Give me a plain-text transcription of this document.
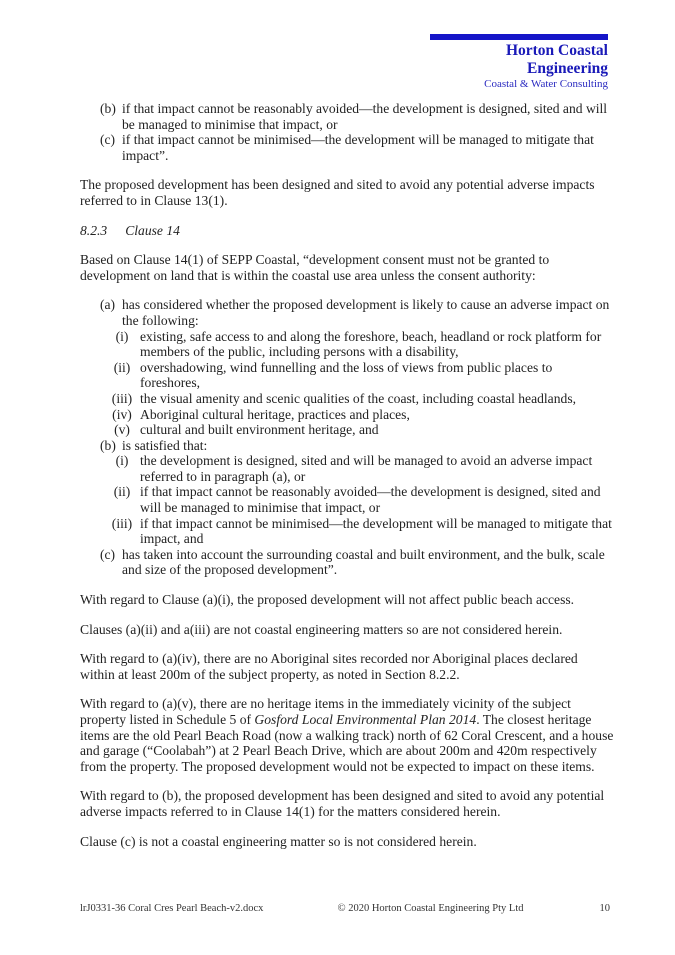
Horton Coastal Engineering
Coastal & Water Consulting
(b) if that impact cannot be reasonably avoided—the development is designed, sited and will be managed to minimise that impact, or
(c) if that impact cannot be minimised—the development will be managed to mitigate that impact”.

The proposed development has been designed and sited to avoid any potential adverse impacts referred to in Clause 13(1).

8.2.3 Clause 14

Based on Clause 14(1) of SEPP Coastal, “development consent must not be granted to development on land that is within the coastal use area unless the consent authority:

(a) has considered whether the proposed development is likely to cause an adverse impact on the following:
(i) existing, safe access to and along the foreshore, beach, headland or rock platform for members of the public, including persons with a disability,
(ii) overshadowing, wind funnelling and the loss of views from public places to foreshores,
(iii) the visual amenity and scenic qualities of the coast, including coastal headlands,
(iv) Aboriginal cultural heritage, practices and places,
(v) cultural and built environment heritage, and
(b) is satisfied that:
(i) the development is designed, sited and will be managed to avoid an adverse impact referred to in paragraph (a), or
(ii) if that impact cannot be reasonably avoided—the development is designed, sited and will be managed to minimise that impact, or
(iii) if that impact cannot be minimised—the development will be managed to mitigate that impact, and
(c) has taken into account the surrounding coastal and built environment, and the bulk, scale and size of the proposed development”.

With regard to Clause (a)(i), the proposed development will not affect public beach access.

Clauses (a)(ii) and a(iii) are not coastal engineering matters so are not considered herein.

With regard to (a)(iv), there are no Aboriginal sites recorded nor Aboriginal places declared within at least 200m of the subject property, as noted in Section 8.2.2.

With regard to (a)(v), there are no heritage items in the immediately vicinity of the subject property listed in Schedule 5 of Gosford Local Environmental Plan 2014. The closest heritage items are the old Pearl Beach Road (now a walking track) north of 62 Coral Crescent, and a house and garage (“Coolabah”) at 2 Pearl Beach Drive, which are about 200m and 420m respectively from the property. The proposed development would not be expected to impact on these items.

With regard to (b), the proposed development has been designed and sited to avoid any potential adverse impacts referred to in Clause 14(1) for the matters considered herein.

Clause (c) is not a coastal engineering matter so is not considered herein.

lrJ0331-36 Coral Cres Pearl Beach-v2.docx	© 2020 Horton Coastal Engineering Pty Ltd	10
